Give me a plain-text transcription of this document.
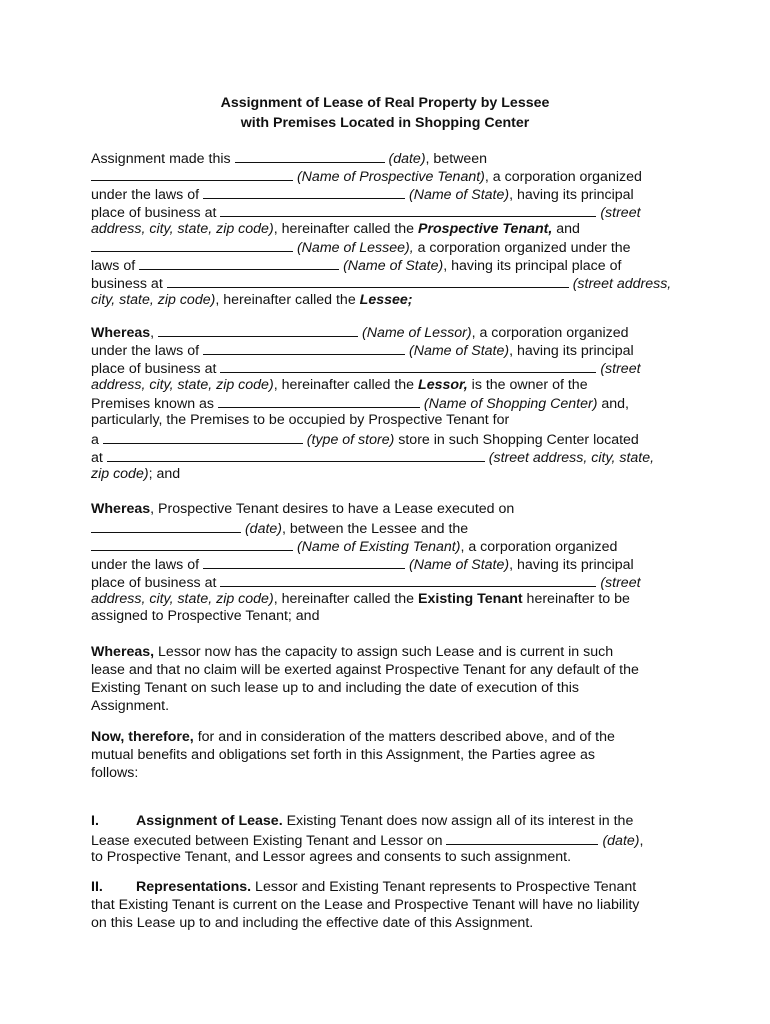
Assignment of Lease of Real Property by Lessee
with Premises Located in Shopping Center
Assignment made this	(date), between
(Name of Prospective Tenant), a corporation organized
under the laws of	(Name of State), having its principal
place of business at	(street
address, city, state, zip code), hereinafter called the Prospective Tenant, and
(Name of Lessee), a corporation organized under the
laws of	(Name of State), having its principal place of
business at	(street address,
city, state, zip code), hereinafter called the Lessee;
Whereas,	(Name of Lessor), a corporation organized
under the laws of	(Name of State), having its principal
place of business at	(street
address, city, state, zip code), hereinafter called the Lessor, is the owner of the
Premises known as	(Name of Shopping Center) and,
particularly, the Premises to be occupied by Prospective Tenant for
a	(type of store) store in such Shopping Center located
at	(street address, city, state,
zip code); and
Whereas, Prospective Tenant desires to have a Lease executed on
(date), between the Lessee and the
(Name of Existing Tenant), a corporation organized
under the laws of	(Name of State), having its principal
place of business at	(street
address, city, state, zip code), hereinafter called the Existing Tenant hereinafter to be
assigned to Prospective Tenant; and
Whereas, Lessor now has the capacity to assign such Lease and is current in such
lease and that no claim will be exerted against Prospective Tenant for any default of the
Existing Tenant on such lease up to and including the date of execution of this
Assignment.
Now, therefore, for and in consideration of the matters described above, and of the
mutual benefits and obligations set forth in this Assignment, the Parties agree as
follows:
I.	Assignment of Lease. Existing Tenant does now assign all of its interest in the
Lease executed between Existing Tenant and Lessor on	(date),
to Prospective Tenant, and Lessor agrees and consents to such assignment.
II. Representations. Lessor and Existing Tenant represents to Prospective Tenant
that Existing Tenant is current on the Lease and Prospective Tenant will have no liability
on this Lease up to and including the effective date of this Assignment.
